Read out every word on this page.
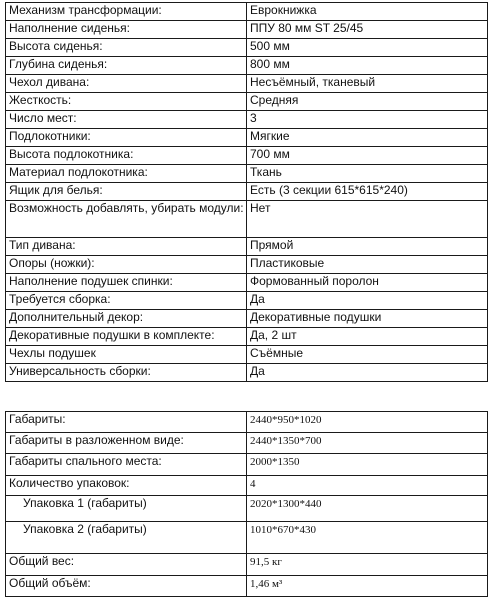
Механизм трансформации:	Еврокнижка
Наполнение сиденья:	ППУ 80 мм ST 25/45
Высота сиденья:	500 мм
Глубина сиденья:	800 мм
Чехол дивана:	Несъёмный, тканевый
Жесткость:	Средняя
Число мест:	3
Подлокотники:	Мягкие
Высота подлокотника:	700 мм
Материал подлокотника:	Ткань
Ящик для белья:	Есть (3 секции 615*615*240)
Возможность добавлять, убирать модули:	Нет
Тип дивана:	Прямой
Опоры (ножки):	Пластиковые
Наполнение подушек спинки:	Формованный поролон
Требуется сборка:	Да
Дополнительный декор:	Декоративные подушки
Декоративные подушки в комплекте:	Да, 2 шт
Чехлы подушек	Съёмные
Универсальность сборки:	Да
Габариты:	2440*950*1020
Габариты в разложенном виде:	2440*1350*700
Габариты спального места:	2000*1350
Количество упаковок:	4
Упаковка 1 (габариты)	2020*1300*440
Упаковка 2 (габариты)	1010*670*430
Общий вес:	91,5 кг
Общий объём:	1,46 м³
